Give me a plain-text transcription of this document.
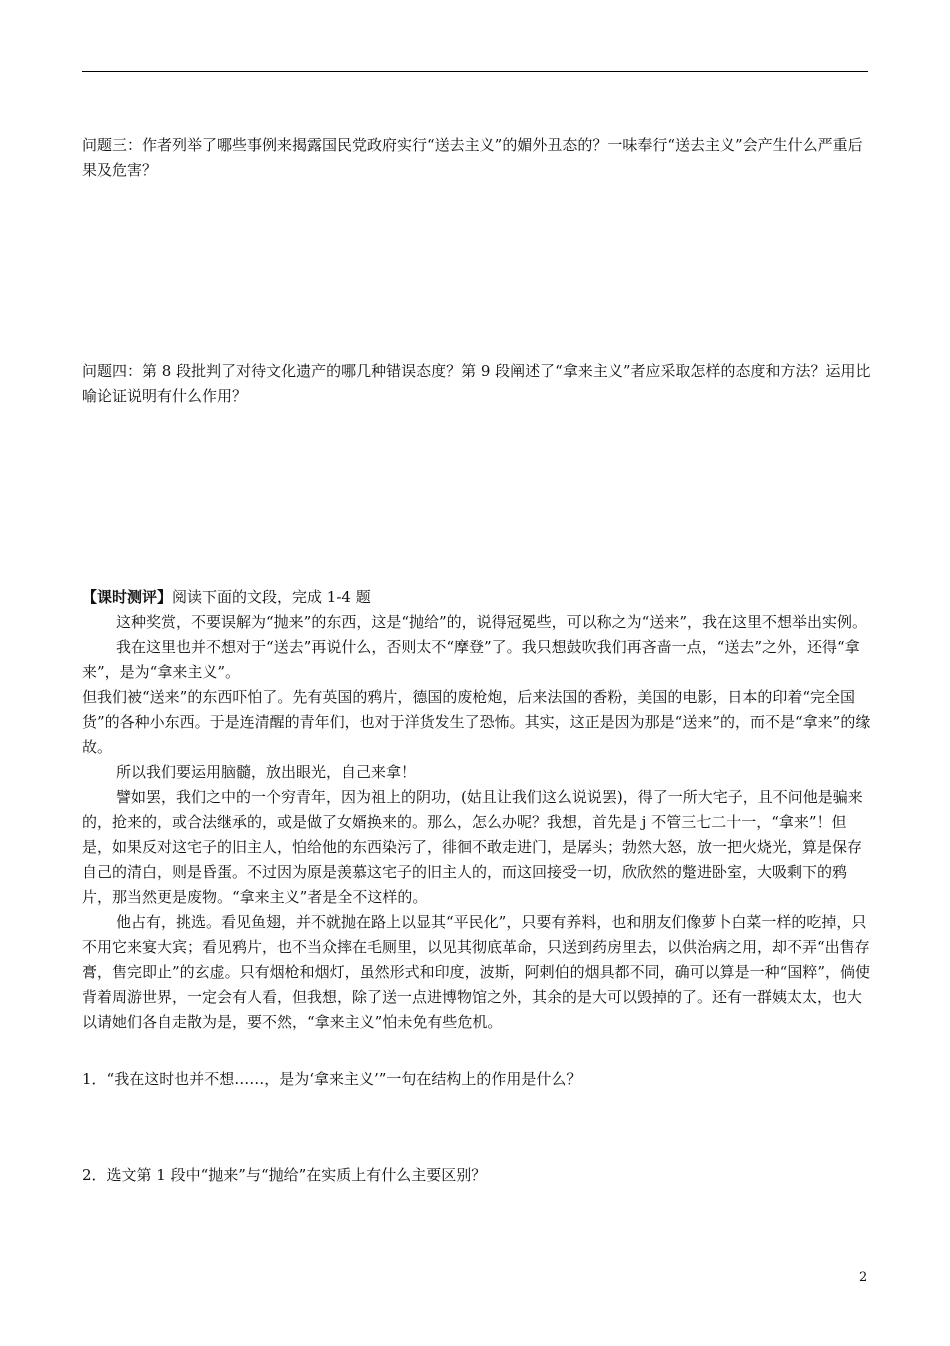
问题三：作者列举了哪些事例来揭露国民党政府实行“送去主义”的媚外丑态的？一味奉行“送去主义”会产生什么严重后果及危害？

问题四：第 8 段批判了对待文化遗产的哪几种错误态度？第 9 段阐述了“拿来主义”者应采取怎样的态度和方法？运用比喻论证说明有什么作用？

【课时测评】阅读下面的文段，完成 1-4 题

这种奖赏，不要误解为“抛来”的东西，这是“抛给”的，说得冠冕些，可以称之为“送来”，我在这里不想举出实例。

我在这里也并不想对于“送去”再说什么，否则太不“摩登”了。我只想鼓吹我们再吝啬一点，“送去”之外，还得“拿来”，是为“拿来主义”。

但我们被“送来”的东西吓怕了。先有英国的鸦片，德国的废枪炮，后来法国的香粉，美国的电影，日本的印着“完全国货”的各种小东西。于是连清醒的青年们，也对于洋货发生了恐怖。其实，这正是因为那是“送来”的，而不是“拿来”的缘故。

所以我们要运用脑髓，放出眼光，自己来拿！

譬如罢，我们之中的一个穷青年，因为祖上的阴功，(姑且让我们这么说说罢)，得了一所大宅子，且不问他是骗来的，抢来的，或合法继承的，或是做了女婿换来的。那么，怎么办呢？我想，首先是 j 不管三七二十一，“拿来”！但是，如果反对这宅子的旧主人，怕给他的东西染污了，徘徊不敢走进门，是孱头；勃然大怒，放一把火烧光，算是保存自己的清白，则是昏蛋。不过因为原是羡慕这宅子的旧主人的，而这回接受一切，欣欣然的蹩进卧室，大吸剩下的鸦片，那当然更是废物。“拿来主义”者是全不这样的。

他占有，挑选。看见鱼翅，并不就抛在路上以显其“平民化”，只要有养料，也和朋友们像萝卜白菜一样的吃掉，只不用它来宴大宾；看见鸦片，也不当众摔在毛厕里，以见其彻底革命，只送到药房里去，以供治病之用，却不弄“出售存膏，售完即止”的玄虚。只有烟枪和烟灯，虽然形式和印度，波斯，阿剌伯的烟具都不同，确可以算是一种“国粹”，倘使背着周游世界，一定会有人看，但我想，除了送一点进博物馆之外，其余的是大可以毁掉的了。还有一群姨太太，也大以请她们各自走散为是，要不然，“拿来主义”怕未免有些危机。

1．“我在这时也并不想……，是为‘拿来主义’”一句在结构上的作用是什么？

2．选文第 1 段中“抛来”与“抛给”在实质上有什么主要区别？

2
